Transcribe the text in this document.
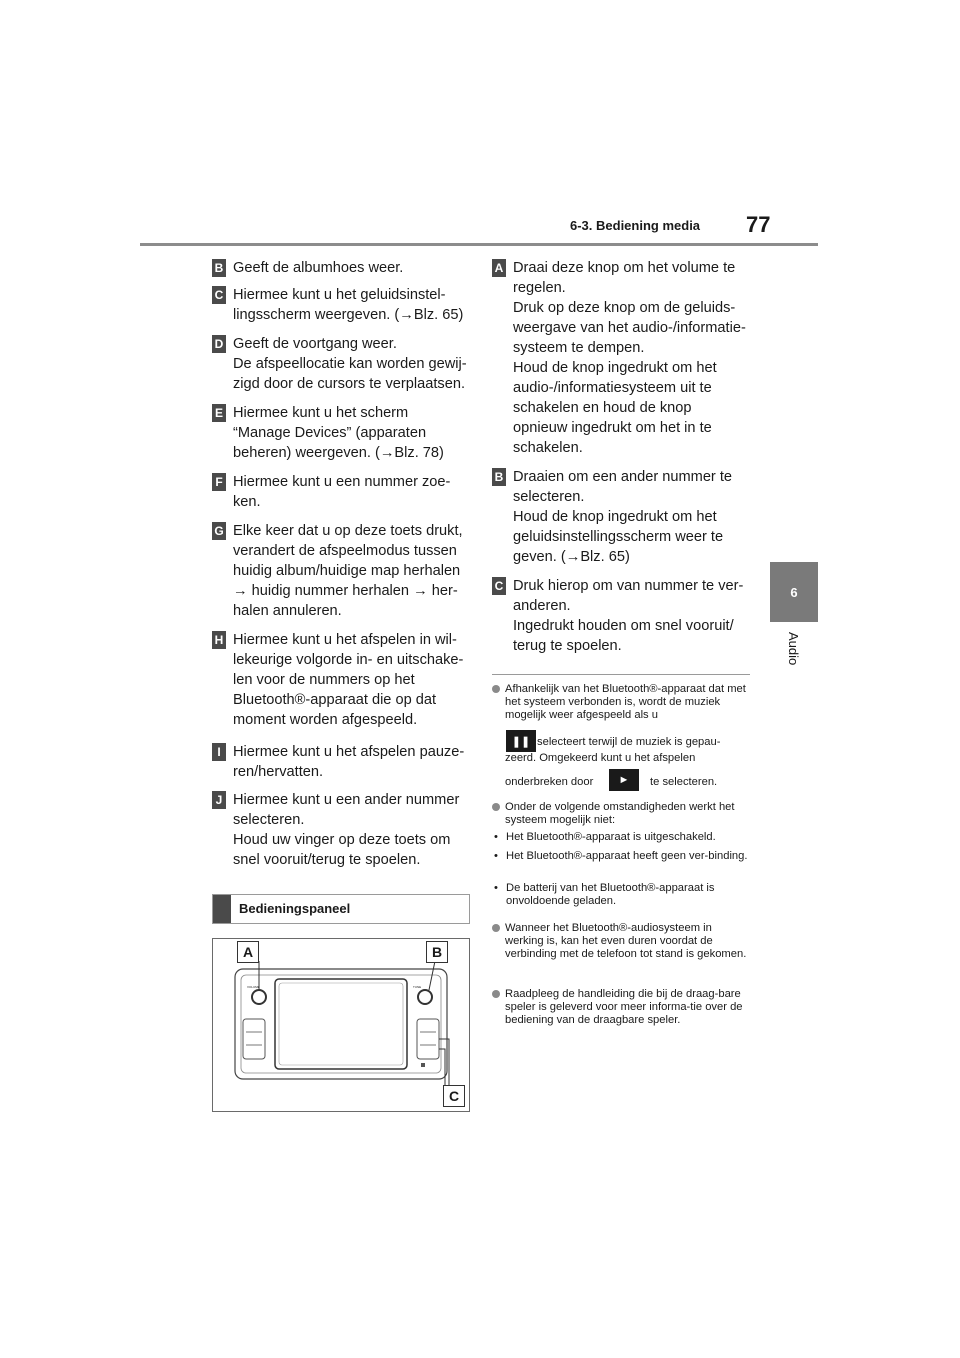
6-3. Bediening media 77
6
Audio
B Geeft de albumhoes weer.
C Hiermee kunt u het geluidsinstel-
lingsscherm weergeven. (→Blz. 65)
D Geeft de voortgang weer.
De afspeellocatie kan worden gewij-
zigd door de cursors te verplaatsen.
E Hiermee kunt u het scherm
“Manage Devices” (apparaten
beheren) weergeven. (→Blz. 78)
F Hiermee kunt u een nummer zoe-
ken.
G Elke keer dat u op deze toets drukt,
verandert de afspeelmodus tussen
huidig album/huidige map herhalen
→ huidig nummer herhalen → her-
halen annuleren.
H Hiermee kunt u het afspelen in wil-
lekeurige volgorde in- en uitschake-
len voor de nummers op het
Bluetooth®-apparaat die op dat
moment worden afgespeeld.
I Hiermee kunt u het afspelen pauze-
ren/hervatten.
J Hiermee kunt u een ander nummer
selecteren.
Houd uw vinger op deze toets om
snel vooruit/terug te spoelen.
A Draai deze knop om het volume te
regelen.
Druk op deze knop om de geluids-
weergave van het audio-/informatie-
systeem te dempen.
Houd de knop ingedrukt om het
audio-/informatiesysteem uit te
schakelen en houd de knop
opnieuw ingedrukt om het in te
schakelen.
B Draaien om een ander nummer te
selecteren.
Houd de knop ingedrukt om het
geluidsinstellingsscherm weer te
geven. (→Blz. 65)
C Druk hierop om van nummer te ver-
anderen.
Ingedrukt houden om snel vooruit/
terug te spoelen.
Afhankelijk van het Bluetooth®-apparaat dat met het systeem verbonden is, wordt de muziek mogelijk weer afgespeeld als u
❚❚ selecteert terwijl de muziek is gepau-
zeerd. Omgekeerd kunt u het afspelen
onderbreken door	►	te selecteren.
Onder de volgende omstandigheden werkt het systeem mogelijk niet:
• Het Bluetooth®-apparaat is uitgeschakeld.
• Het Bluetooth®-apparaat heeft geen ver-binding.
• De batterij van het Bluetooth®-apparaat is onvoldoende geladen.
Wanneer het Bluetooth®-audiosysteem in werking is, kan het even duren voordat de verbinding met de telefoon tot stand is gekomen.
Raadpleeg de handleiding die bij de draag-bare speler is geleverd voor meer informa-tie over de bediening van de draagbare speler.
Bedieningspaneel
VOLUME	TUNE
A	B
C
